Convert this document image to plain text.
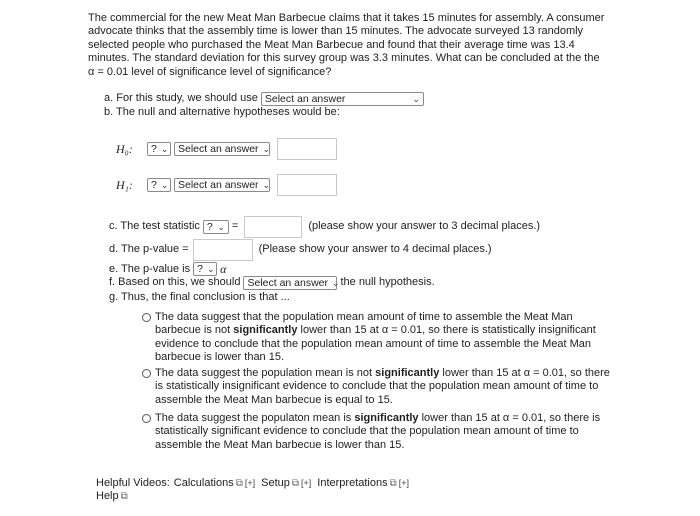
The commercial for the new Meat Man Barbecue claims that it takes 15 minutes for assembly. A consumer

advocate thinks that the assembly time is lower than 15 minutes. The advocate surveyed 13 randomly

selected people who purchased the Meat Man Barbecue and found that their average time was 13.4

minutes. The standard deviation for this survey group was 3.3 minutes. What can be concluded at the the

α = 0.01 level of significance level of significance?

a. For this study, we should use Select an answer	⌄
b. The null and alternative hypotheses would be:
H₀:	? ⌄ Select an answer ⌄
H₁:	? ⌄ Select an answer ⌄
c. The test statistic ? ⌄ =	(please show your answer to 3 decimal places.)
d. The p-value =	(Please show your answer to 4 decimal places.)
e. The p-value is ? ⌄ α
f. Based on this, we should Select an answer ⌄ the null hypothesis.
g. Thus, the final conclusion is that ...
The data suggest that the population mean amount of time to assemble the Meat Man barbecue is not significantly lower than 15 at α = 0.01, so there is statistically insignificant evidence to conclude that the population mean amount of time to assemble the Meat Man barbecue is lower than 15.
The data suggest the population mean is not significantly lower than 15 at α = 0.01, so there is statistically insignificant evidence to conclude that the population mean amount of time to assemble the Meat Man barbecue is equal to 15.
The data suggest the populaton mean is significantly lower than 15 at α = 0.01, so there is statistically significant evidence to conclude that the population mean amount of time to assemble the Meat Man barbecue is lower than 15.
Helpful Videos: Calculations ⧉ [+] Setup ⧉ [+] Interpretations ⧉ [+]
Help ⧉
